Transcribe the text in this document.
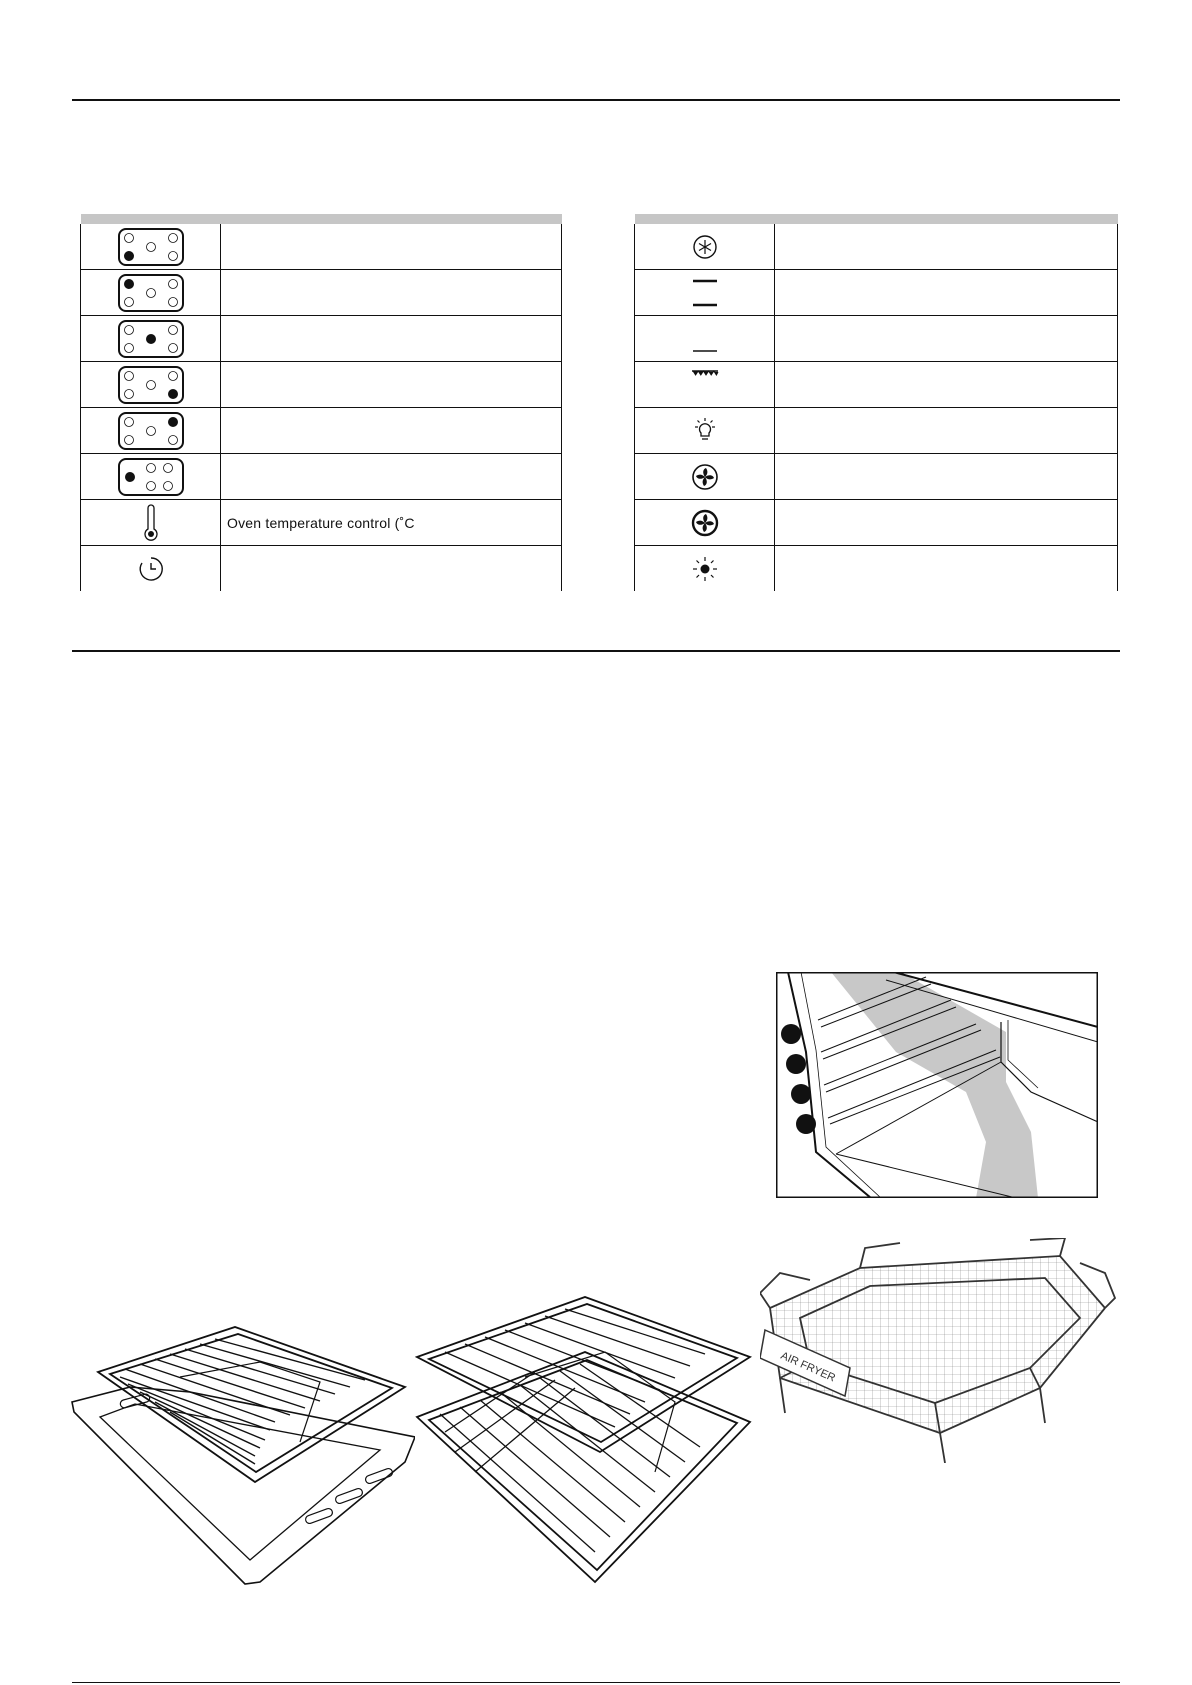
	Oven temperature control (˚C

AIR FRYER
